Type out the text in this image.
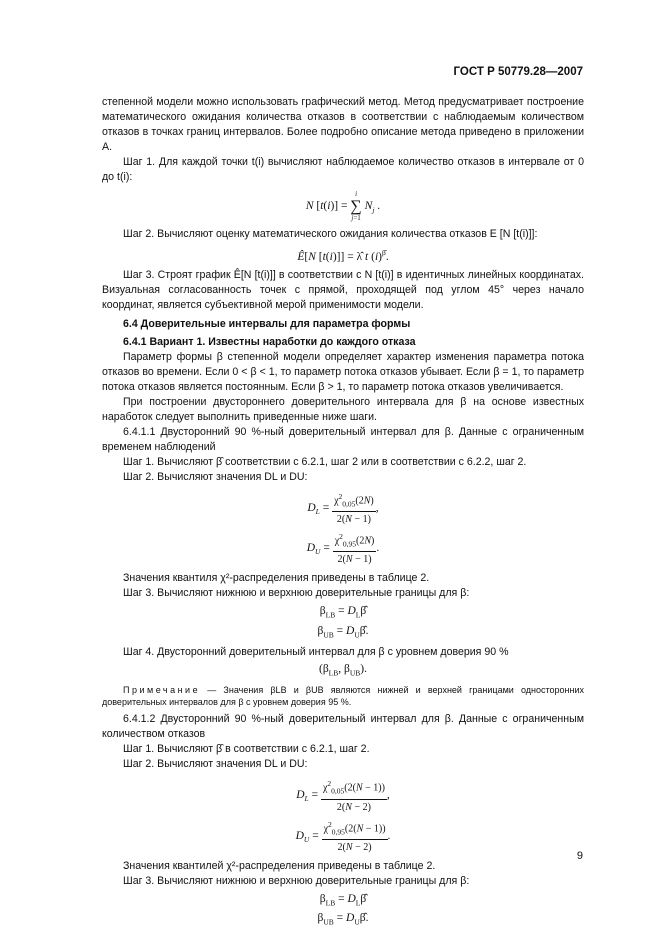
ГОСТ Р 50779.28—2007

степенной модели можно использовать графический метод. Метод предусматривает построение математического ожидания количества отказов в соответствии с наблюдаемым количеством отказов в точках границ интервалов. Более подробно описание метода приведено в приложении А.

Шаг 1. Для каждой точки t(i) вычисляют наблюдаемое количество отказов в интервале от 0 до t(i):

N [t(i)] =
i
∑
j=1
$N_j$ .

Шаг 2. Вычисляют оценку математического ожидания количества отказов E [N [t(i)]]:

Ê[N [t(i)]] = λ̂ t $(i)^{\betâ}$.

Шаг 3. Строят график Ê[N [t(i)]] в соответствии с N [t(i)] в идентичных линейных координатах. Визуальная согласованность точек с прямой, проходящей под углом 45° через начало координат, является субъективной мерой применимости модели.

6.4 Доверительные интервалы для параметра формы

6.4.1 Вариант 1. Известны наработки до каждого отказа

Параметр формы β степенной модели определяет характер изменения параметра потока отказов во времени. Если 0 < β < 1, то параметр потока отказов убывает. Если β = 1, то параметр потока отказов является постоянным. Если β > 1, то параметр потока отказов увеличивается.

При построении двустороннего доверительного интервала для β на основе известных наработок следует выполнить приведенные ниже шаги.

6.4.1.1 Двусторонний 90 %-ный доверительный интервал для β. Данные с ограниченным временем наблюдений

Шаг 1. Вычисляют β̂ соответствии с 6.2.1, шаг 2 или в соответствии с 6.2.2, шаг 2.

Шаг 2. Вычисляют значения DL и DU:

$D_L = \frac{\chi^2_{0,05}(2N)}{2(N - 1)}$ ,
$D_U = \frac{\chi^2_{0,95}(2N)}{2(N - 1)}$ .

Значения квантиля χ²-распределения приведены в таблице 2.

Шаг 3. Вычисляют нижнюю и верхнюю доверительные границы для β:

$\beta_{LB}$ = $D_L\betâ$
$\beta_{UB}$ = $D_U\betâ$.

Шаг 4. Двусторонний доверительный интервал для β с уровнем доверия 90 %

($\beta_{LB}$, $\beta_{UB}$).

Примечание — Значения βLB и βUB являются нижней и верхней границами односторонних доверительных интервалов для β с уровнем доверия 95 %.

6.4.1.2 Двусторонний 90 %-ный доверительный интервал для β. Данные с ограниченным количеством отказов

Шаг 1. Вычисляют β̂ в соответствии с 6.2.1, шаг 2.

Шаг 2. Вычисляют значения DL и DU:

$D_L = \frac{\chi^2_{0,05}(2(N - 1))}{2(N - 2)}$ ,
$D_U = \frac{\chi^2_{0,95}(2(N - 1))}{2(N - 2)}$ .

Значения квантилей χ²-распределения приведены в таблице 2.

Шаг 3. Вычисляют нижнюю и верхнюю доверительные границы для β:

$\beta_{LB}$ = $D_L\betâ$
$\beta_{UB}$ = $D_U\betâ$.
9
